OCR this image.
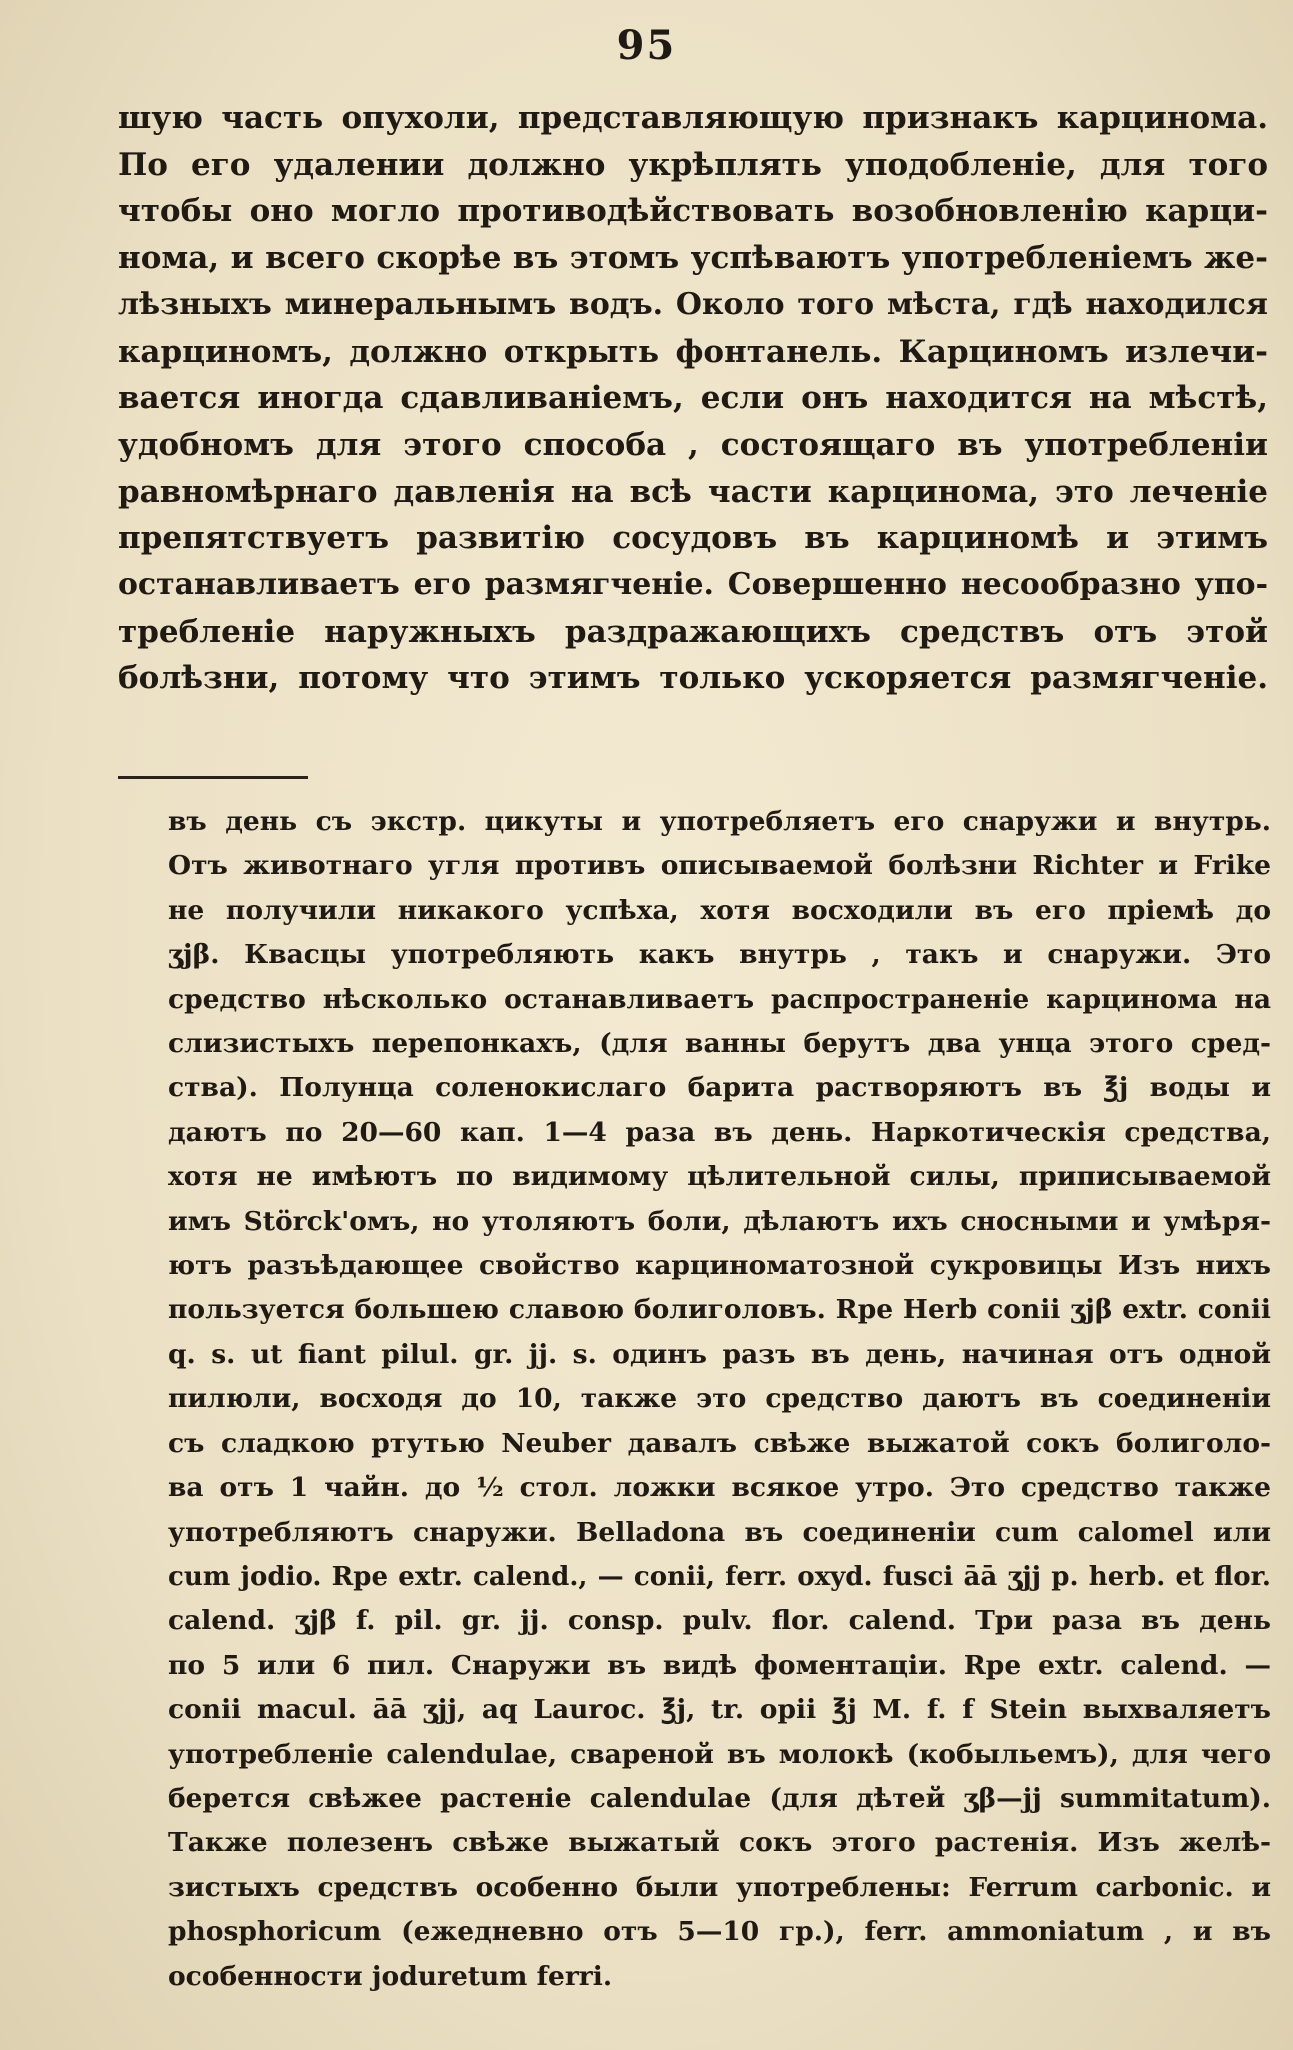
95
шую часть опухоли, представляющую признакъ карцинома.
По его удалении должно укрѣплять уподобленіе, для того
чтобы оно могло противодѣйствовать возобновленію карци-
нома, и всего скорѣе въ этомъ успѣваютъ употребленіемъ же-
лѣзныхъ минеральнымъ водъ. Около того мѣста, гдѣ находился
карциномъ, должно открыть фонтанель. Карциномъ излечи-
вается иногда сдавливаніемъ, если онъ находится на мѣстѣ,
удобномъ для этого способа , состоящаго въ употребленіи
равномѣрнаго давленія на всѣ части карцинома, это леченіе
препятствуетъ развитію сосудовъ въ карциномѣ и этимъ
останавливаетъ его размягченіе. Совершенно несообразно упо-
требленіе наружныхъ раздражающихъ средствъ отъ этой
болѣзни, потому что этимъ только ускоряется размягченіе.
въ день съ экстр. цикуты и употребляетъ его снаружи и внутрь.
Отъ животнаго угля противъ описываемой болѣзни Richter и Frike
не получили никакого успѣха, хотя восходили въ его пріемѣ до
ʒjβ. Квасцы употребляють какъ внутрь , такъ и снаружи. Это
средство нѣсколько останавливаетъ распространеніе карцинома на
слизистыхъ перепонкахъ, (для ванны берутъ два унца этого сред-
ства). Полунца соленокислаго барита растворяютъ въ ℥j воды и
даютъ по 20—60 кап. 1—4 раза въ день. Наркотическія средства,
хотя не имѣютъ по видимому цѣлительной силы, приписываемой
имъ Störck'омъ, но утоляютъ боли, дѣлаютъ ихъ сносными и умѣря-
ютъ разъѣдающее свойство карциноматозной сукровицы Изъ нихъ
пользуется большею славою болиголовъ. Rpe Herb conii ʒjβ extr. conii
q. s. ut fiant pilul. gr. jj. s. одинъ разъ въ день, начиная отъ одной
пилюли, восходя до 10, также это средство даютъ въ соединеніи
съ сладкою ртутью Neuber давалъ свѣже выжатой сокъ болиголо-
ва отъ 1 чайн. до ½ стол. ложки всякое утро. Это средство также
употребляютъ снаружи. Belladona въ соединеніи cum calomel или
cum jodio. Rpe extr. calend., — conii, ferr. oxyd. fusci āā ʒjj p. herb. et flor.
calend. ʒjβ f. pil. gr. jj. consp. pulv. flor. calend. Три раза въ день
по 5 или 6 пил. Снаружи въ видѣ фоментаціи. Rpe extr. calend. —
conii macul. āā ʒjj, aq Lauroc. ℥j, tr. opii ℥j M. f. f Stein выхваляетъ
употребленіе calendulae, свареной въ молокѣ (кобыльемъ), для чего
берется свѣжее растеніе calendulae (для дѣтей ʒβ—jj summitatum).
Также полезенъ свѣже выжатый сокъ этого растенія. Изъ желѣ-
зистыхъ средствъ особенно были употреблены: Ferrum carbonic. и
phosphoricum (ежедневно отъ 5—10 гр.), ferr. ammoniatum , и въ
особенности joduretum ferri.
